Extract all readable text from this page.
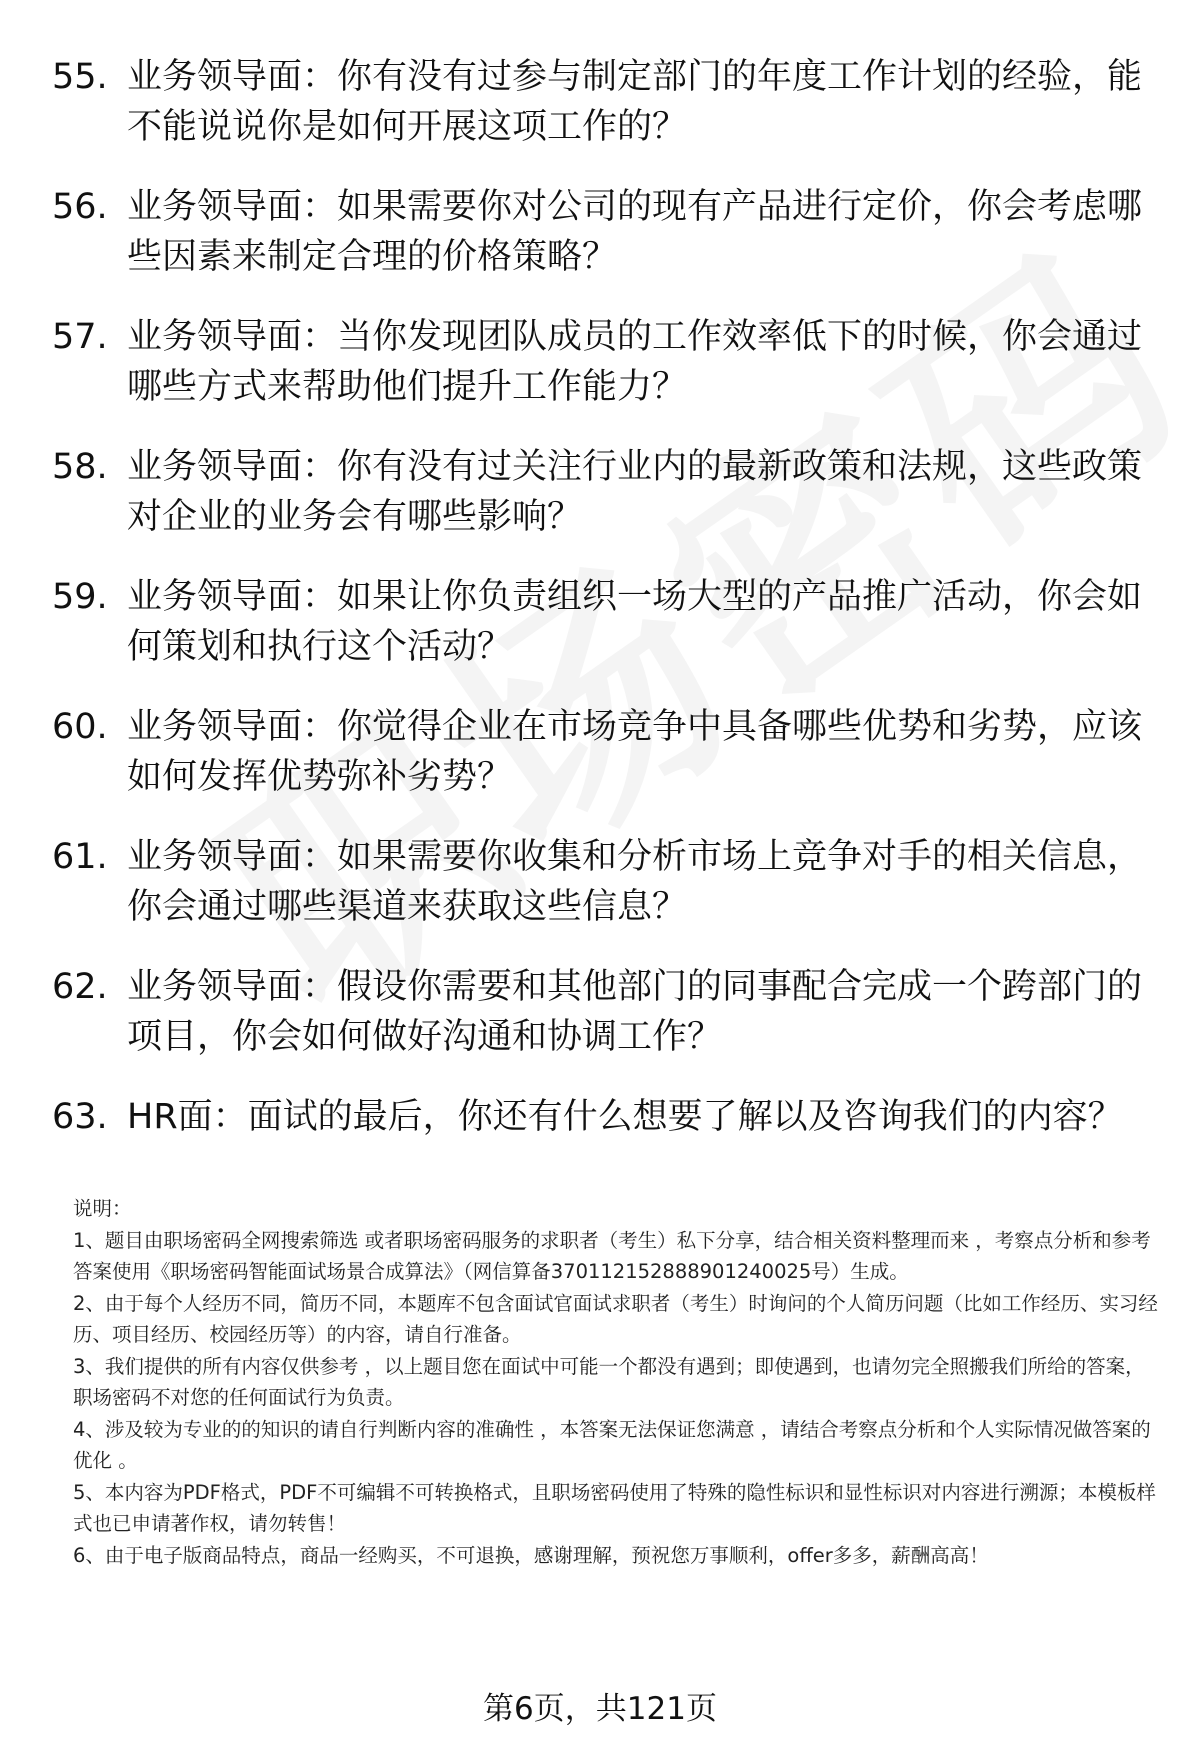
55. 业务领导面：你有没有过参与制定部门的年度工作计划的经验，能不能说说你是如何开展这项工作的？
56. 业务领导面：如果需要你对公司的现有产品进行定价，你会考虑哪些因素来制定合理的价格策略？
57. 业务领导面：当你发现团队成员的工作效率低下的时候，你会通过哪些方式来帮助他们提升工作能力？
58. 业务领导面：你有没有过关注行业内的最新政策和法规，这些政策对企业的业务会有哪些影响？
59. 业务领导面：如果让你负责组织一场大型的产品推广活动，你会如何策划和执行这个活动？
60. 业务领导面：你觉得企业在市场竞争中具备哪些优势和劣势，应该如何发挥优势弥补劣势？
61. 业务领导面：如果需要你收集和分析市场上竞争对手的相关信息，你会通过哪些渠道来获取这些信息？
62. 业务领导面：假设你需要和其他部门的同事配合完成一个跨部门的项目，你会如何做好沟通和协调工作？
63. HR面：面试的最后，你还有什么想要了解以及咨询我们的内容？
说明：
1、题目由职场密码全网搜索筛选 或者职场密码服务的求职者（考生）私下分享，结合相关资料整理而来 ，考察点分析和参考答案使用《职场密码智能面试场景合成算法》（网信算备370112152888901240025号）生成。
2、由于每个人经历不同，简历不同，本题库不包含面试官面试求职者（考生）时询问的个人简历问题（比如工作经历、实习经历、项目经历、校园经历等）的内容，请自行准备。
3、我们提供的所有内容仅供参考 ，以上题目您在面试中可能一个都没有遇到；即使遇到，也请勿完全照搬我们所给的答案，职场密码不对您的任何面试行为负责。
4、涉及较为专业的的知识的请自行判断内容的准确性 ，本答案无法保证您满意 ，请结合考察点分析和个人实际情况做答案的优化 。
5、本内容为PDF格式，PDF不可编辑不可转换格式，且职场密码使用了特殊的隐性标识和显性标识对内容进行溯源；本模板样式也已申请著作权，请勿转售！
6、由于电子版商品特点，商品一经购买，不可退换，感谢理解，预祝您万事顺利，offer多多，薪酬高高！
第6页，共121页
